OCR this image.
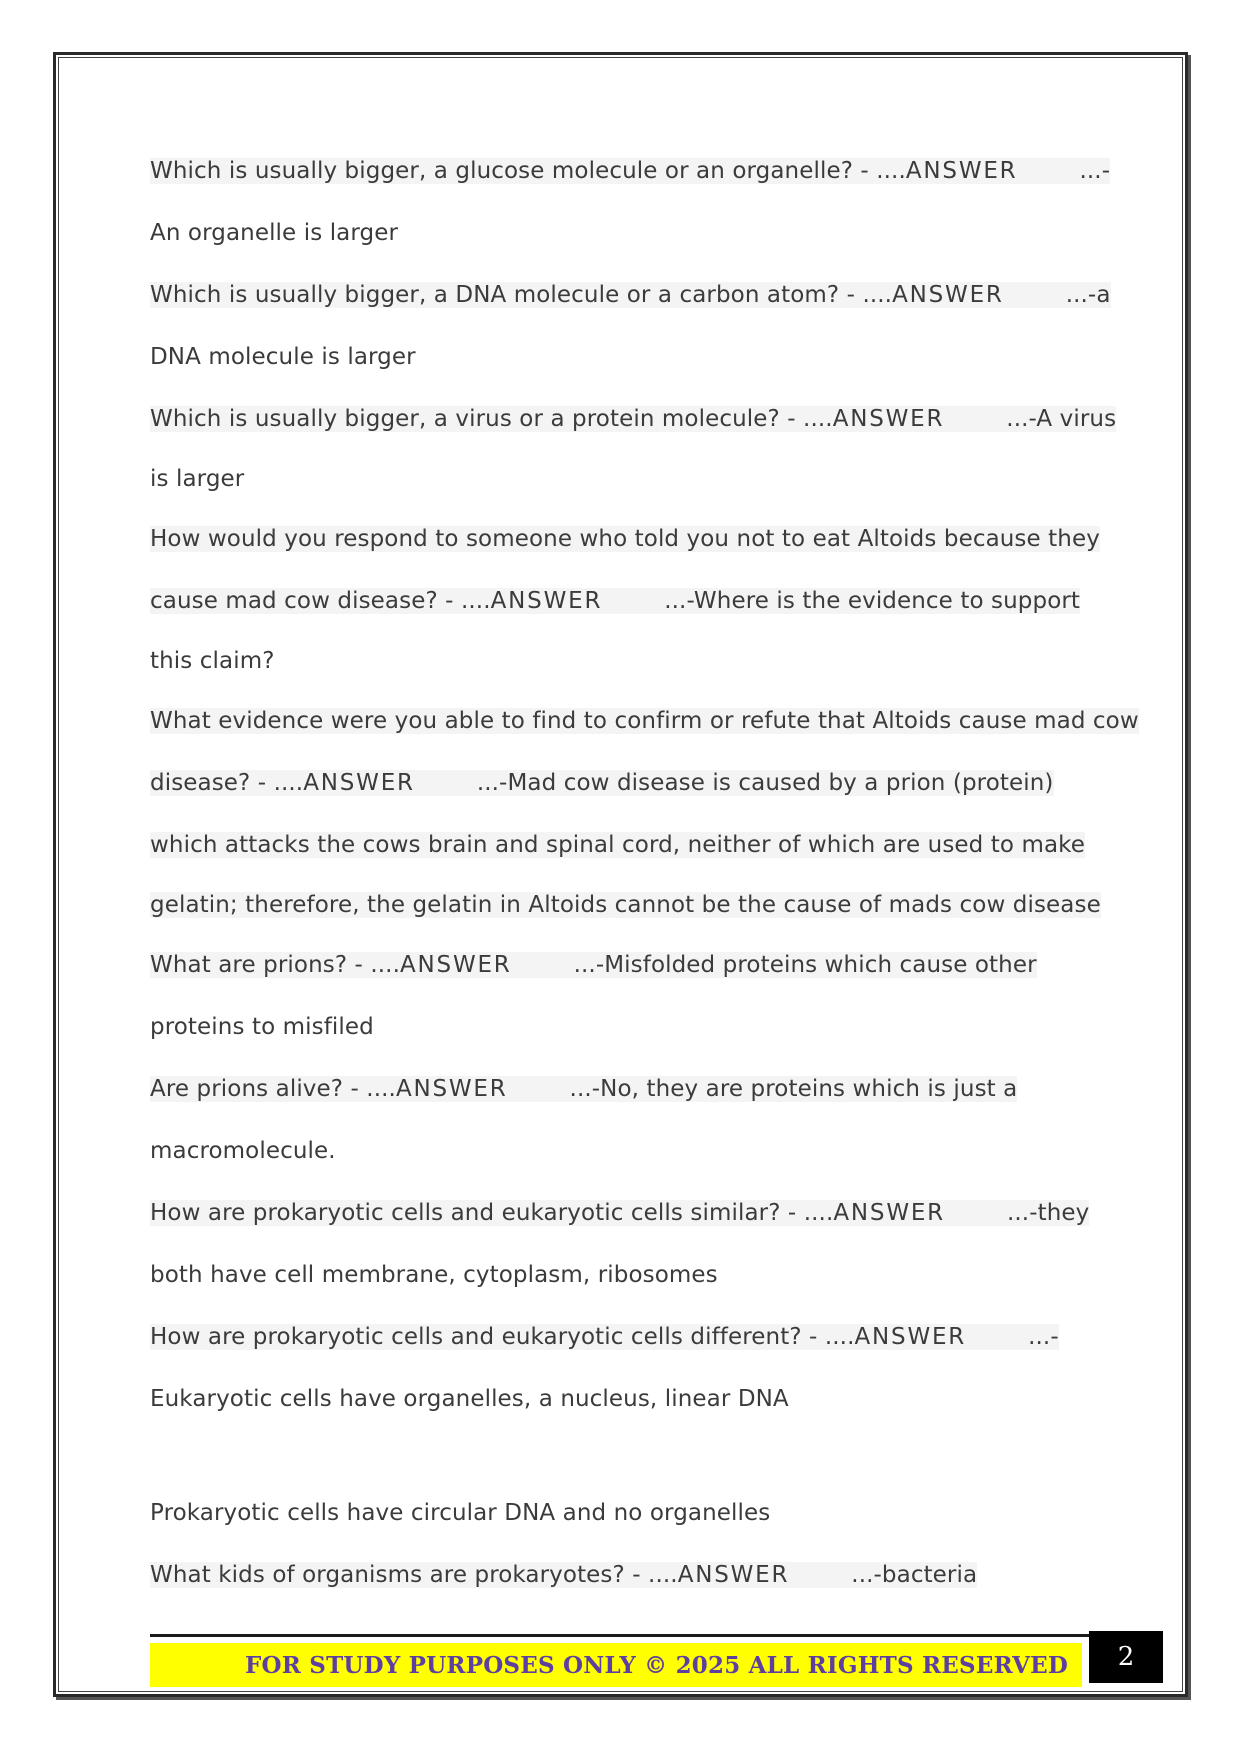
Which is usually bigger, a glucose molecule or an organelle? - ....ANSWER	...-
An organelle is larger
Which is usually bigger, a DNA molecule or a carbon atom? - ....ANSWER	...-a
DNA molecule is larger
Which is usually bigger, a virus or a protein molecule? - ....ANSWER	...-A virus
is larger
How would you respond to someone who told you not to eat Altoids because they
cause mad cow disease? - ....ANSWER	...-Where is the evidence to support
this claim?
What evidence were you able to find to confirm or refute that Altoids cause mad cow
disease? - ....ANSWER	...-Mad cow disease is caused by a prion (protein)
which attacks the cows brain and spinal cord, neither of which are used to make
gelatin; therefore, the gelatin in Altoids cannot be the cause of mads cow disease
What are prions? - ....ANSWER	...-Misfolded proteins which cause other
proteins to misfiled
Are prions alive? - ....ANSWER	...-No, they are proteins which is just a
macromolecule.
How are prokaryotic cells and eukaryotic cells similar? - ....ANSWER	...-they
both have cell membrane, cytoplasm, ribosomes
How are prokaryotic cells and eukaryotic cells different? - ....ANSWER	...-
Eukaryotic cells have organelles, a nucleus, linear DNA
Prokaryotic cells have circular DNA and no organelles
What kids of organisms are prokaryotes? - ....ANSWER	...-bacteria
FOR STUDY PURPOSES ONLY © 2025 ALL RIGHTS RESERVED 2
